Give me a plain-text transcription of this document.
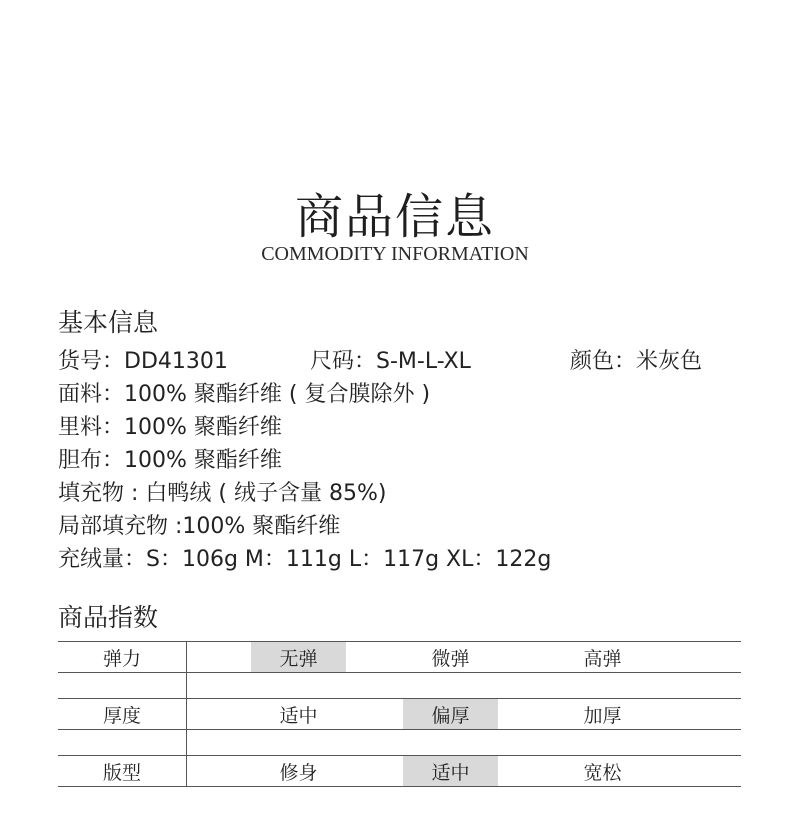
商品信息
COMMODITY INFORMATION
基本信息
货号：DD41301	尺码：S-M-L-XL	颜色：米灰色
面料：100% 聚酯纤维 ( 复合膜除外 )
里料：100% 聚酯纤维
胆布：100% 聚酯纤维
填充物 : 白鸭绒 ( 绒子含量 85%)
局部填充物 :100% 聚酯纤维
充绒量：S：106g M：111g L：117g XL：122g
商品指数
弹力		无弹		微弹		高弹	

厚度		适中		偏厚		加厚	

版型		修身		适中		宽松	
